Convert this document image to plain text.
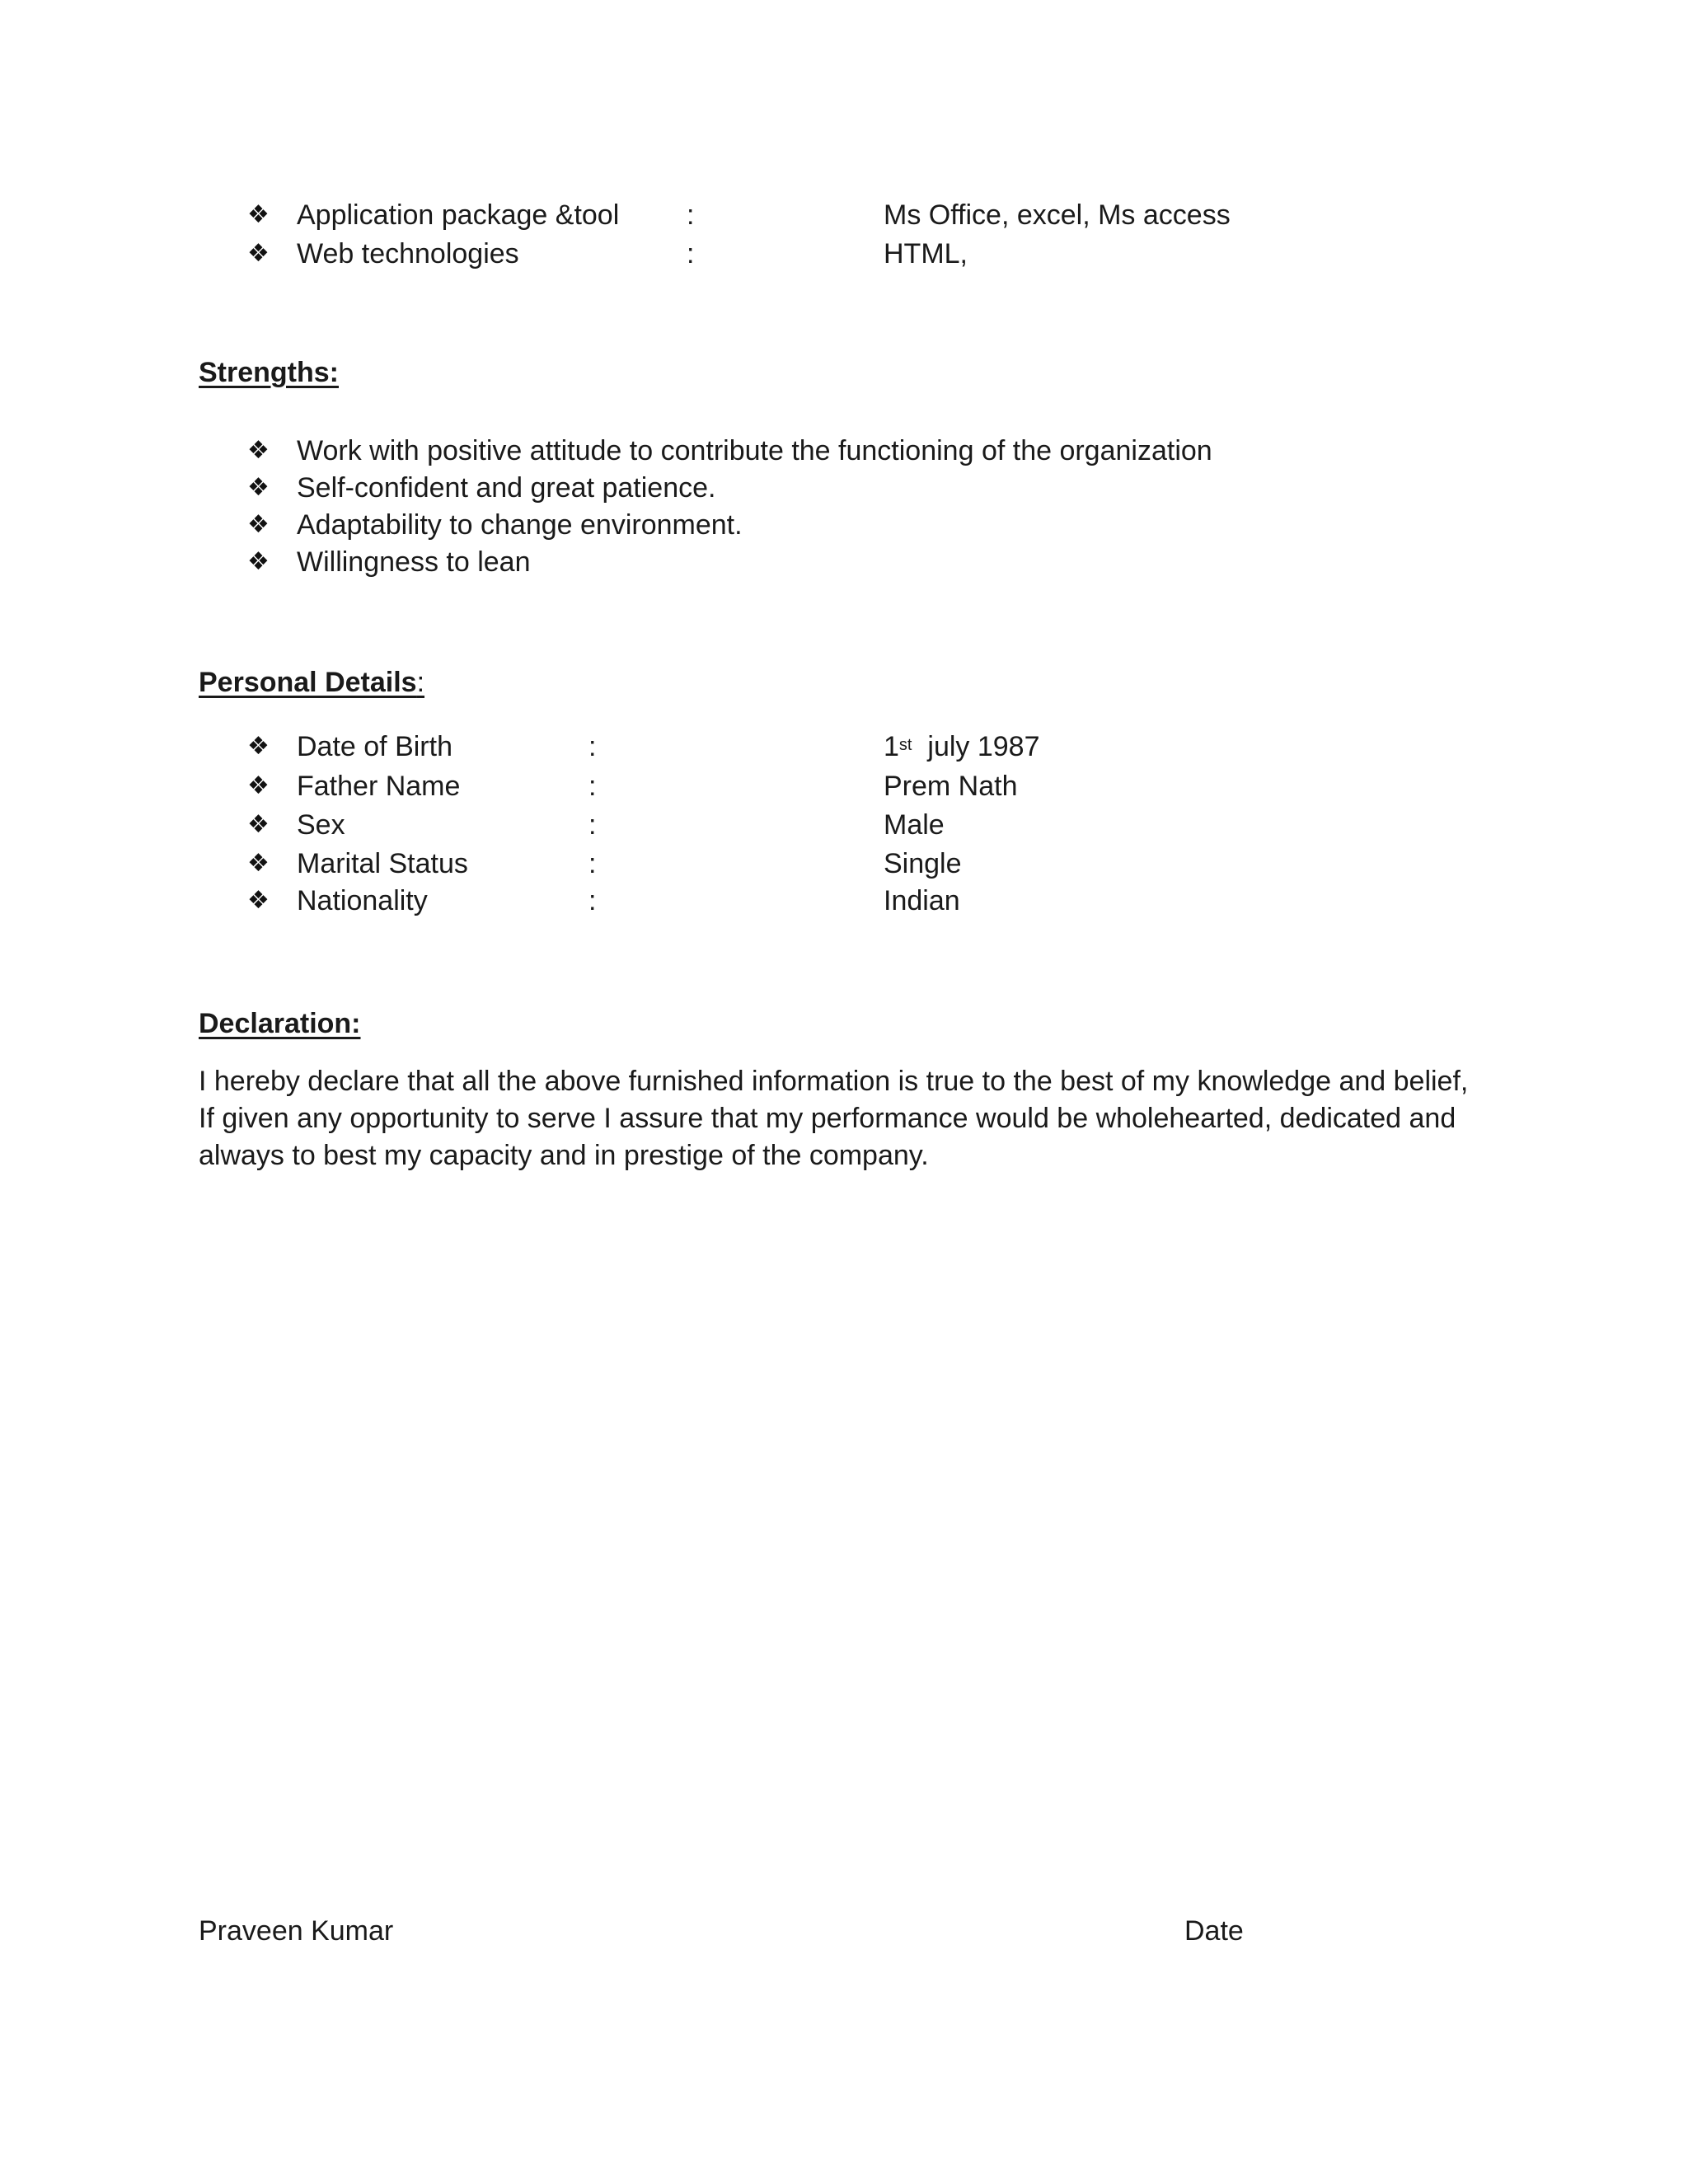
❖ Application package &tool :	Ms Office, excel, Ms access
❖ Web technologies	:	HTML,
Strengths:
❖ Work with positive attitude to contribute the functioning of the organization
❖ Self-confident and great patience.
❖ Adaptability to change environment.
❖ Willingness to lean
Personal Details:
❖ Date of Birth	:	1st july 1987
❖ Father Name	:	Prem Nath
❖ Sex	:	Male
❖ Marital Status	:	Single
❖ Nationality	:	Indian
Declaration:
I hereby declare that all the above furnished information is true to the best of my knowledge and belief,
If given any opportunity to serve I assure that my performance would be wholehearted, dedicated and
always to best my capacity and in prestige of the company.
Praveen Kumar	Date
